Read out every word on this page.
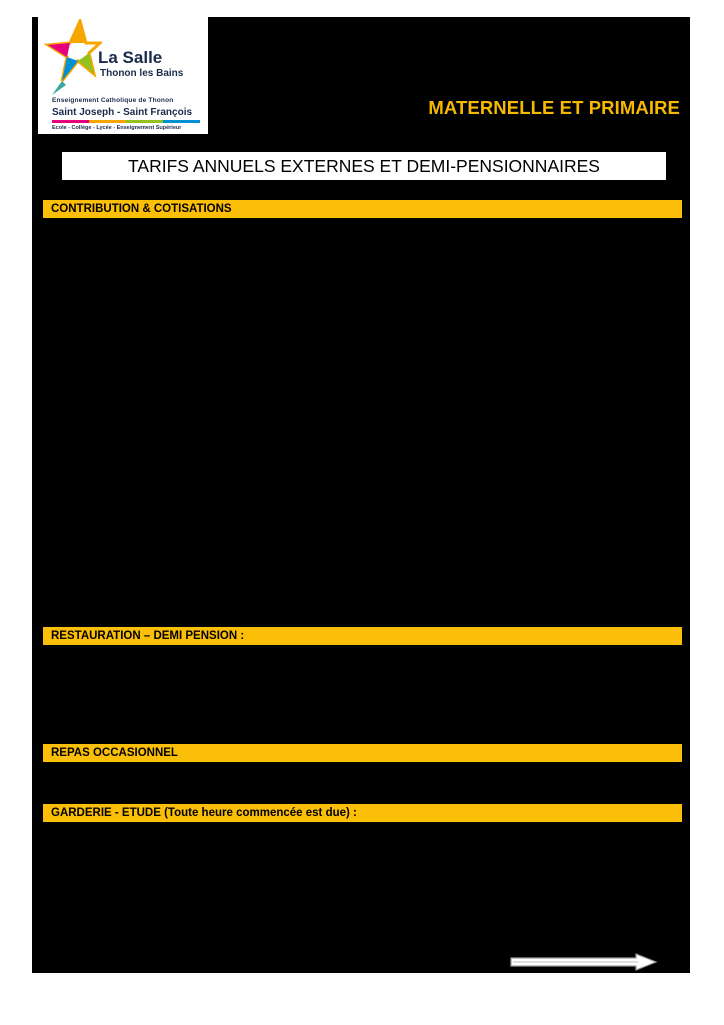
La Salle
Thonon les Bains
Enseignement Catholique de Thonon
Saint Joseph - Saint François
Ecole - Collège - Lycée - Enseignement Supérieur
MATERNELLE ET PRIMAIRE
TARIFS ANNUELS EXTERNES ET DEMI-PENSIONNAIRES
CONTRIBUTION & COTISATIONS
RESTAURATION – DEMI PENSION :
REPAS OCCASIONNEL
GARDERIE - ETUDE (Toute heure commencée est due) :
